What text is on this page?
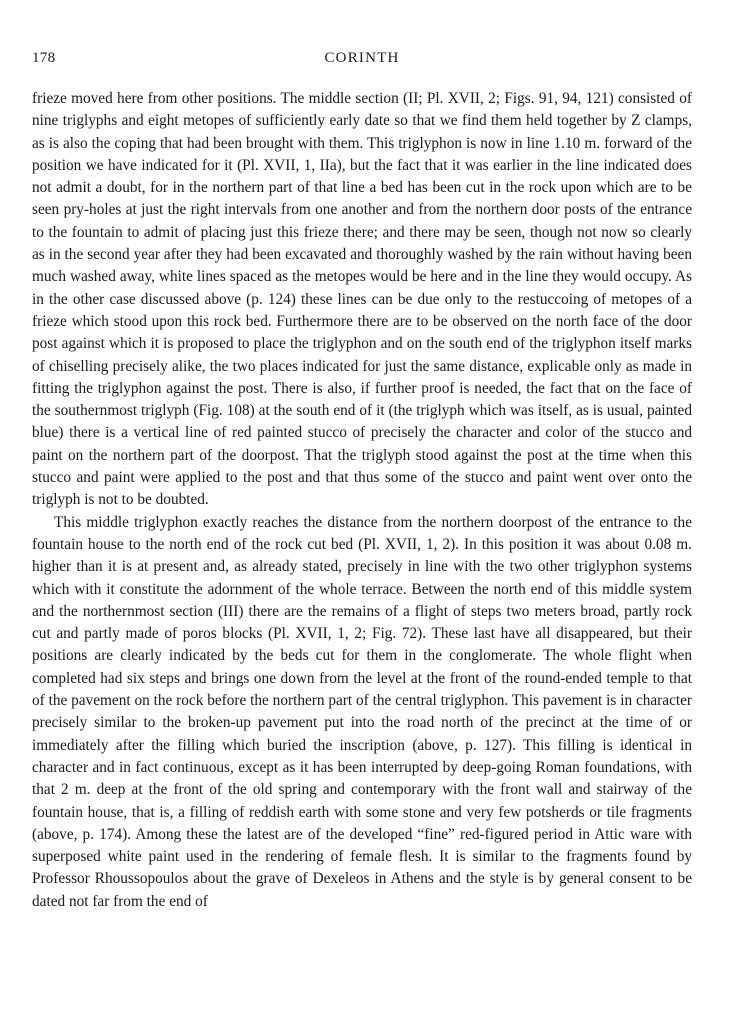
178	CORINTH

frieze moved here from other positions. The middle section (II; Pl. XVII, 2; Figs. 91, 94, 121) consisted of nine triglyphs and eight metopes of sufficiently early date so that we find them held together by Z clamps, as is also the coping that had been brought with them. This triglyphon is now in line 1.10 m. forward of the position we have indicated for it (Pl. XVII, 1, IIa), but the fact that it was earlier in the line indicated does not admit a doubt, for in the northern part of that line a bed has been cut in the rock upon which are to be seen pry-holes at just the right intervals from one another and from the northern door posts of the entrance to the fountain to admit of placing just this frieze there; and there may be seen, though not now so clearly as in the second year after they had been excavated and thoroughly washed by the rain without having been much washed away, white lines spaced as the metopes would be here and in the line they would occupy. As in the other case discussed above (p. 124) these lines can be due only to the restuccoing of metopes of a frieze which stood upon this rock bed. Furthermore there are to be observed on the north face of the door post against which it is proposed to place the triglyphon and on the south end of the triglyphon itself marks of chiselling precisely alike, the two places indicated for just the same distance, explicable only as made in fitting the triglyphon against the post. There is also, if further proof is needed, the fact that on the face of the southernmost triglyph (Fig. 108) at the south end of it (the triglyph which was itself, as is usual, painted blue) there is a vertical line of red painted stucco of precisely the character and color of the stucco and paint on the northern part of the doorpost. That the triglyph stood against the post at the time when this stucco and paint were applied to the post and that thus some of the stucco and paint went over onto the triglyph is not to be doubted.

This middle triglyphon exactly reaches the distance from the northern doorpost of the entrance to the fountain house to the north end of the rock cut bed (Pl. XVII, 1, 2). In this position it was about 0.08 m. higher than it is at present and, as already stated, precisely in line with the two other triglyphon systems which with it constitute the adornment of the whole terrace. Between the north end of this middle system and the northernmost section (III) there are the remains of a flight of steps two meters broad, partly rock cut and partly made of poros blocks (Pl. XVII, 1, 2; Fig. 72). These last have all disappeared, but their positions are clearly indicated by the beds cut for them in the conglomerate. The whole flight when completed had six steps and brings one down from the level at the front of the round-ended temple to that of the pavement on the rock before the northern part of the central triglyphon. This pavement is in character precisely similar to the broken-up pavement put into the road north of the precinct at the time of or immediately after the filling which buried the inscription (above, p. 127). This filling is identical in character and in fact continuous, except as it has been interrupted by deep-going Roman foundations, with that 2 m. deep at the front of the old spring and contemporary with the front wall and stairway of the fountain house, that is, a filling of reddish earth with some stone and very few potsherds or tile fragments (above, p. 174). Among these the latest are of the developed “fine” red-figured period in Attic ware with superposed white paint used in the rendering of female flesh. It is similar to the fragments found by Professor Rhoussopoulos about the grave of Dexeleos in Athens and the style is by general consent to be dated not far from the end of
